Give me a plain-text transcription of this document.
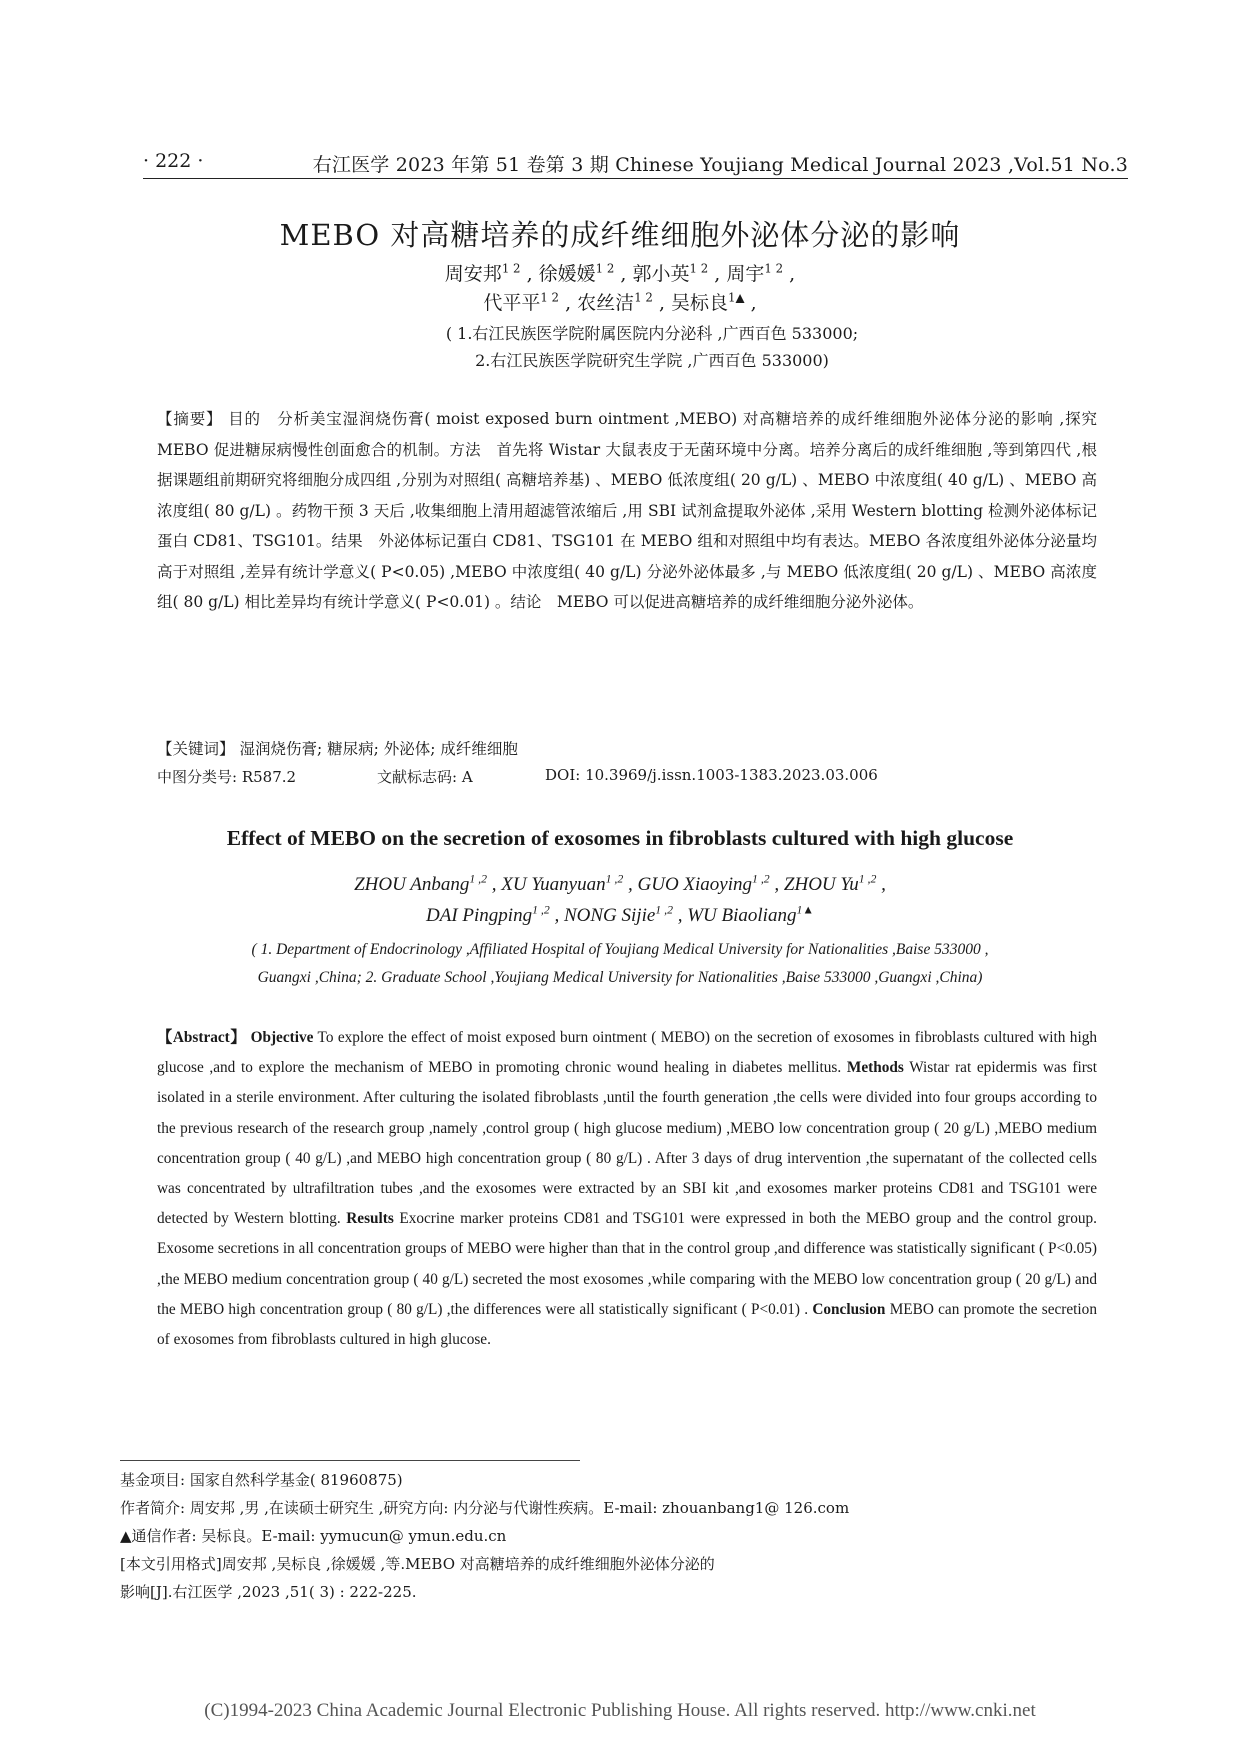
· 222 ·	右江医学 2023 年第 51 卷第 3 期 Chinese Youjiang Medical Journal 2023 ,Vol.51 No.3
MEBO 对高糖培养的成纤维细胞外泌体分泌的影响
周安邦$^{1 2}$ , 徐媛媛$^{1 2}$ , 郭小英$^{1 2}$ , 周宇$^{1 2}$ ,
代平平$^{1 2}$ , 农丝洁$^{1 2}$ , 吴标良$^{1▲}$ ,
( 1.右江民族医学院附属医院内分泌科 ,广西百色 533000;
2.右江民族医学院研究生学院 ,广西百色 533000)
【摘要】 目的　分析美宝湿润烧伤膏( moist exposed burn ointment ,MEBO) 对高糖培养的成纤维细胞外泌体分泌的影响 ,探究 MEBO 促进糖尿病慢性创面愈合的机制。方法　首先将 Wistar 大鼠表皮于无菌环境中分离。培养分离后的成纤维细胞 ,等到第四代 ,根据课题组前期研究将细胞分成四组 ,分别为对照组( 高糖培养基) 、MEBO 低浓度组( 20 g/L) 、MEBO 中浓度组( 40 g/L) 、MEBO 高浓度组( 80 g/L) 。药物干预 3 天后 ,收集细胞上清用超滤管浓缩后 ,用 SBI 试剂盒提取外泌体 ,采用 Western blotting 检测外泌体标记蛋白 CD81、TSG101。结果　外泌体标记蛋白 CD81、TSG101 在 MEBO 组和对照组中均有表达。MEBO 各浓度组外泌体分泌量均高于对照组 ,差异有统计学意义( P<0.05) ,MEBO 中浓度组( 40 g/L) 分泌外泌体最多 ,与 MEBO 低浓度组( 20 g/L) 、MEBO 高浓度组( 80 g/L) 相比差异均有统计学意义( P<0.01) 。结论　MEBO 可以促进高糖培养的成纤维细胞分泌外泌体。
【关键词】 湿润烧伤膏; 糖尿病; 外泌体; 成纤维细胞
中图分类号: R587.2	文献标志码: A	DOI: 10.3969/j.issn.1003-1383.2023.03.006
Effect of MEBO on the secretion of exosomes in fibroblasts cultured with high glucose
ZHOU Anbang$^{1 ,2}$ , XU Yuanyuan$^{1 ,2}$ , GUO Xiaoying$^{1 ,2}$ , ZHOU Yu$^{1 ,2}$ ,
DAI Pingping$^{1 ,2}$ , NONG Sijie$^{1 ,2}$ , WU Biaoliang$^{1▲}$
( 1. Department of Endocrinology ,Affiliated Hospital of Youjiang Medical University for Nationalities ,Baise 533000 ,
Guangxi ,China; 2. Graduate School ,Youjiang Medical University for Nationalities ,Baise 533000 ,Guangxi ,China)
【Abstract】 Objective To explore the effect of moist exposed burn ointment ( MEBO) on the secretion of exosomes in fibroblasts cultured with high glucose ,and to explore the mechanism of MEBO in promoting chronic wound healing in diabetes mellitus. Methods Wistar rat epidermis was first isolated in a sterile environment. After culturing the isolated fibroblasts ,until the fourth generation ,the cells were divided into four groups according to the previous research of the research group ,namely ,control group ( high glucose medium) ,MEBO low concentration group ( 20 g/L) ,MEBO medium concentration group ( 40 g/L) ,and MEBO high concentration group ( 80 g/L) . After 3 days of drug intervention ,the supernatant of the collected cells was concentrated by ultrafiltration tubes ,and the exosomes were extracted by an SBI kit ,and exosomes marker proteins CD81 and TSG101 were detected by Western blotting. Results Exocrine marker proteins CD81 and TSG101 were expressed in both the MEBO group and the control group. Exosome secretions in all concentration groups of MEBO were higher than that in the control group ,and difference was statistically significant ( P<0.05) ,the MEBO medium concentration group ( 40 g/L) secreted the most exosomes ,while comparing with the MEBO low concentration group ( 20 g/L) and the MEBO high concentration group ( 80 g/L) ,the differences were all statistically significant ( P<0.01) . Conclusion MEBO can promote the secretion of exosomes from fibroblasts cultured in high glucose.
基金项目: 国家自然科学基金( 81960875)
作者简介: 周安邦 ,男 ,在读硕士研究生 ,研究方向: 内分泌与代谢性疾病。E-mail: zhouanbang1@ 126.com
▲通信作者: 吴标良。E-mail: yymucun@ ymun.edu.cn
[本文引用格式]周安邦 ,吴标良 ,徐媛媛 ,等.MEBO 对高糖培养的成纤维细胞外泌体分泌的
影响[J].右江医学 ,2023 ,51( 3) : 222-225.
(C)1994-2023 China Academic Journal Electronic Publishing House. All rights reserved. http://www.cnki.net
